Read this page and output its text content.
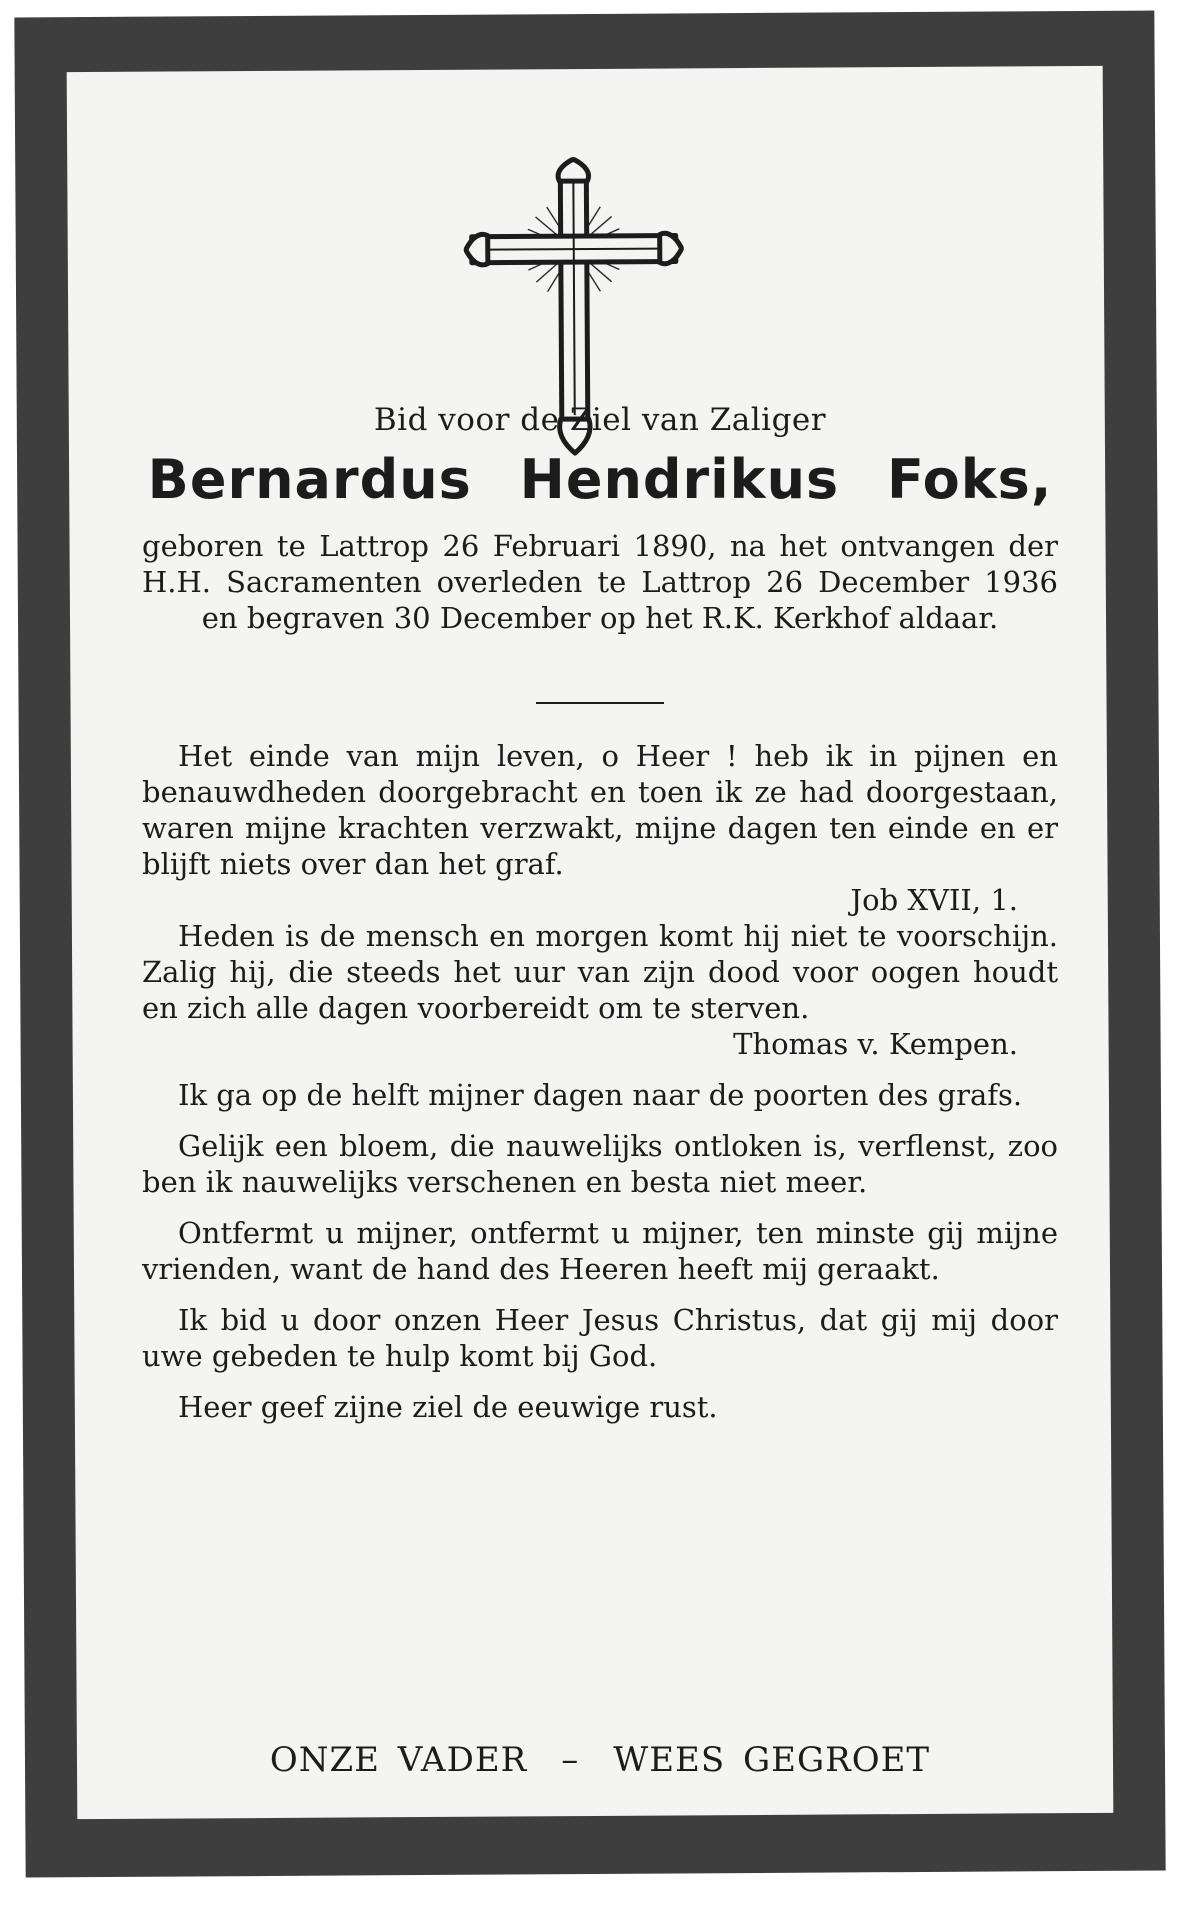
Bid voor de Ziel van Zaliger
Bernardus Hendrikus Foks,
geboren te Lattrop 26 Februari 1890, na het ontvangen der H.H. Sacramenten overleden te Lattrop 26 December 1936 en begraven 30 December op het R.K. Kerkhof aldaar.
Het einde van mijn leven, o Heer ! heb ik in pijnen en benauwdheden doorgebracht en toen ik ze had doorgestaan, waren mijne krachten verzwakt, mijne dagen ten einde en er blijft niets over dan het graf.
Job XVII, 1.
Heden is de mensch en morgen komt hij niet te voorschijn. Zalig hij, die steeds het uur van zijn dood voor oogen houdt en zich alle dagen voorbereidt om te sterven.
Thomas v. Kempen.
Ik ga op de helft mijner dagen naar de poorten des grafs.
Gelijk een bloem, die nauwelijks ontloken is, verflenst, zoo ben ik nauwelijks verschenen en besta niet meer.
Ontfermt u mijner, ontfermt u mijner, ten minste gij mijne vrienden, want de hand des Heeren heeft mij geraakt.
Ik bid u door onzen Heer Jesus Christus, dat gij mij door uwe gebeden te hulp komt bij God.
Heer geef zijne ziel de eeuwige rust.
ONZE VADER – WEES GEGROET
